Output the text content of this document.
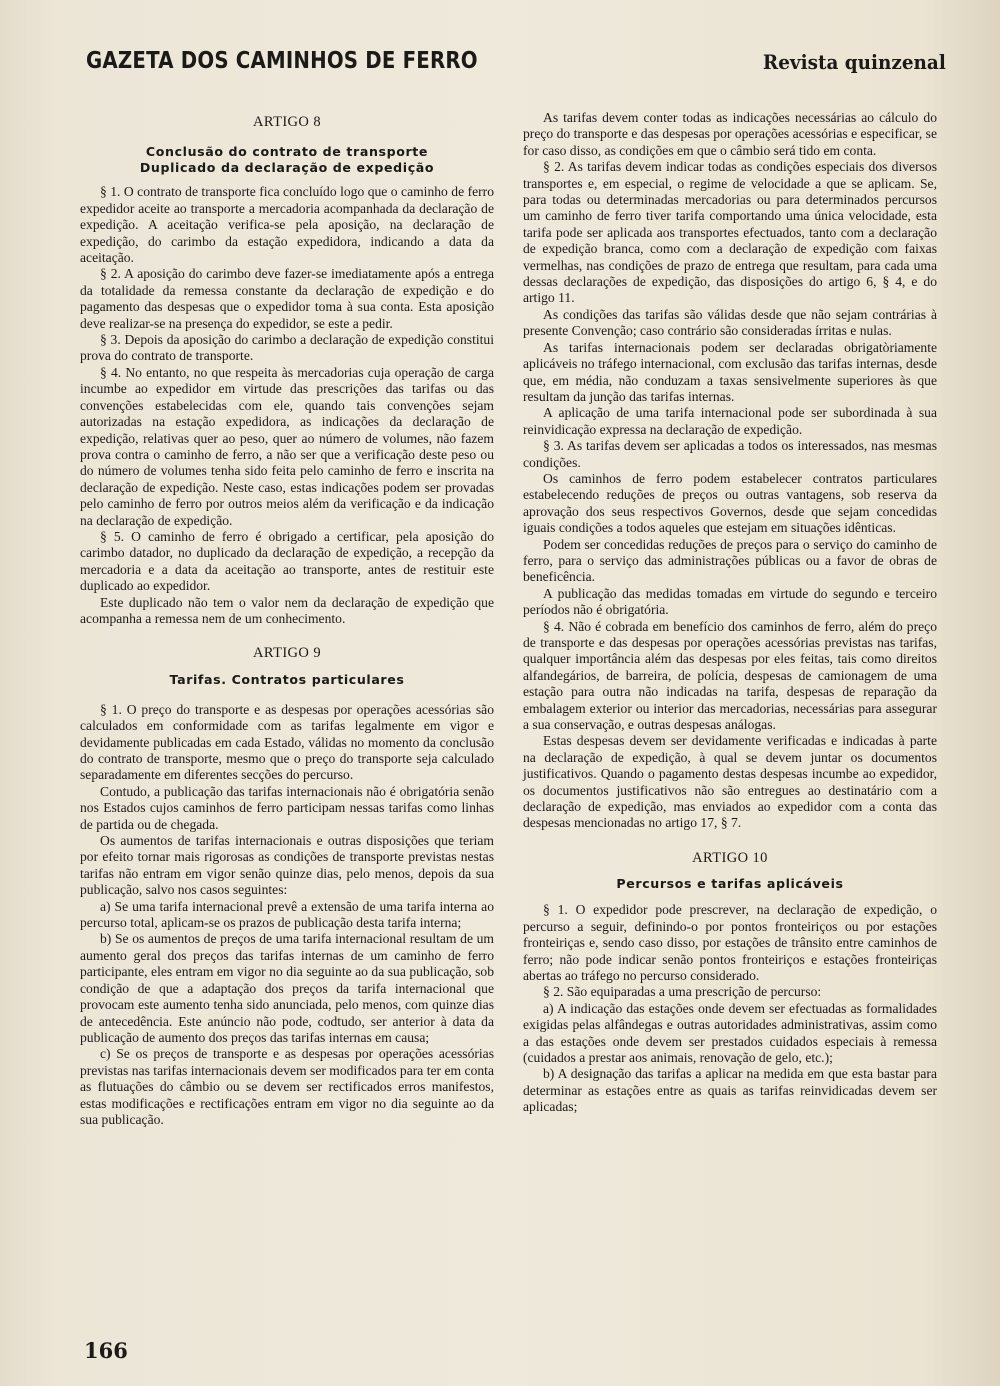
GAZETA DOS CAMINHOS DE FERRO	Revista quinzenal
ARTIGO 8
Conclusão do contrato de transporte
Duplicado da declaração de expedição

§ 1. O contrato de transporte fica concluído logo que o caminho de ferro expedidor aceite ao transporte a mercadoria acompanhada da declaração de expedição. A aceitação verifica-se pela aposição, na declaração de expedição, do carimbo da estação expedidora, indicando a data da aceitação.

§ 2. A aposição do carimbo deve fazer-se imediatamente após a entrega da totalidade da remessa constante da declaração de expedição e do pagamento das despesas que o expedidor toma à sua conta. Esta aposição deve realizar-se na presença do expedidor, se este a pedir.

§ 3. Depois da aposição do carimbo a declaração de expedição constitui prova do contrato de transporte.

§ 4. No entanto, no que respeita às mercadorias cuja operação de carga incumbe ao expedidor em virtude das prescrições das tarifas ou das convenções estabelecidas com ele, quando tais convenções sejam autorizadas na estação expedidora, as indicações da declaração de expedição, relativas quer ao peso, quer ao número de volumes, não fazem prova contra o caminho de ferro, a não ser que a verificação deste peso ou do número de volumes tenha sido feita pelo caminho de ferro e inscrita na declaração de expedição. Neste caso, estas indicações podem ser provadas pelo caminho de ferro por outros meios além da verificação e da indicação na declaração de expedição.

§ 5. O caminho de ferro é obrigado a certificar, pela aposição do carimbo datador, no duplicado da declaração de expedição, a recepção da mercadoria e a data da aceitação ao transporte, antes de restituir este duplicado ao expedidor.

Este duplicado não tem o valor nem da declaração de expedição que acompanha a remessa nem de um conhecimento.

ARTIGO 9
Tarifas. Contratos particulares

§ 1. O preço do transporte e as despesas por operações acessórias são calculados em conformidade com as tarifas legalmente em vigor e devidamente publicadas em cada Estado, válidas no momento da conclusão do contrato de transporte, mesmo que o preço do transporte seja calculado separadamente em diferentes secções do percurso.

Contudo, a publicação das tarifas internacionais não é obrigatória senão nos Estados cujos caminhos de ferro participam nessas tarifas como linhas de partida ou de chegada.

Os aumentos de tarifas internacionais e outras disposições que teriam por efeito tornar mais rigorosas as condições de transporte previstas nestas tarifas não entram em vigor senão quinze dias, pelo menos, depois da sua publicação, salvo nos casos seguintes:

a) Se uma tarifa internacional prevê a extensão de uma tarifa interna ao percurso total, aplicam-se os prazos de publicação desta tarifa interna;

b) Se os aumentos de preços de uma tarifa internacional resultam de um aumento geral dos preços das tarifas internas de um caminho de ferro participante, eles entram em vigor no dia seguinte ao da sua publicação, sob condição de que a adaptação dos preços da tarifa internacional que provocam este aumento tenha sido anunciada, pelo menos, com quinze dias de antecedência. Este anúncio não pode, codtudo, ser anterior à data da publicação de aumento dos preços das tarifas internas em causa;

c) Se os preços de transporte e as despesas por operações acessórias previstas nas tarifas internacionais devem ser modificados para ter em conta as flutuações do câmbio ou se devem ser rectificados erros manifestos, estas modificações e rectificações entram em vigor no dia seguinte ao da sua publicação.

As tarifas devem conter todas as indicações necessárias ao cálculo do preço do transporte e das despesas por operações acessórias e especificar, se for caso disso, as condições em que o câmbio será tido em conta.

§ 2. As tarifas devem indicar todas as condições especiais dos diversos transportes e, em especial, o regime de velocidade a que se aplicam. Se, para todas ou determinadas mercadorias ou para determinados percursos um caminho de ferro tiver tarifa comportando uma única velocidade, esta tarifa pode ser aplicada aos transportes efectuados, tanto com a declaração de expedição branca, como com a declaração de expedição com faixas vermelhas, nas condições de prazo de entrega que resultam, para cada uma dessas declarações de expedição, das disposições do artigo 6, § 4, e do artigo 11.

As condições das tarifas são válidas desde que não sejam contrárias à presente Convenção; caso contrário são consideradas írritas e nulas.

As tarifas internacionais podem ser declaradas obrigatòriamente aplicáveis no tráfego internacional, com exclusão das tarifas internas, desde que, em média, não conduzam a taxas sensivelmente superiores às que resultam da junção das tarifas internas.

A aplicação de uma tarifa internacional pode ser subordinada à sua reinvidicação expressa na declaração de expedição.

§ 3. As tarifas devem ser aplicadas a todos os interessados, nas mesmas condições.

Os caminhos de ferro podem estabelecer contratos particulares estabelecendo reduções de preços ou outras vantagens, sob reserva da aprovação dos seus respectivos Governos, desde que sejam concedidas iguais condições a todos aqueles que estejam em situações idênticas.

Podem ser concedidas reduções de preços para o serviço do caminho de ferro, para o serviço das administrações públicas ou a favor de obras de beneficência.

A publicação das medidas tomadas em virtude do segundo e terceiro períodos não é obrigatória.

§ 4. Não é cobrada em benefício dos caminhos de ferro, além do preço de transporte e das despesas por operações acessórias previstas nas tarifas, qualquer importância além das despesas por eles feitas, tais como direitos alfandegários, de barreira, de polícia, despesas de camionagem de uma estação para outra não indicadas na tarifa, despesas de reparação da embalagem exterior ou interior das mercadorias, necessárias para assegurar a sua conservação, e outras despesas análogas.

Estas despesas devem ser devidamente verificadas e indicadas à parte na declaração de expedição, à qual se devem juntar os documentos justificativos. Quando o pagamento destas despesas incumbe ao expedidor, os documentos justificativos não são entregues ao destinatário com a declaração de expedição, mas enviados ao expedidor com a conta das despesas mencionadas no artigo 17, § 7.

ARTIGO 10
Percursos e tarifas aplicáveis

§ 1. O expedidor pode prescrever, na declaração de expedição, o percurso a seguir, definindo-o por pontos fronteiriços ou por estações fronteiriças e, sendo caso disso, por estações de trânsito entre caminhos de ferro; não pode indicar senão pontos fronteiriços e estações fronteiriças abertas ao tráfego no percurso considerado.

§ 2. São equiparadas a uma prescrição de percurso:

a) A indicação das estações onde devem ser efectuadas as formalidades exigidas pelas alfândegas e outras autoridades administrativas, assim como a das estações onde devem ser prestados cuidados especiais à remessa (cuidados a prestar aos animais, renovação de gelo, etc.);

b) A designação das tarifas a aplicar na medida em que esta bastar para determinar as estações entre as quais as tarifas reinvidicadas devem ser aplicadas;

166
